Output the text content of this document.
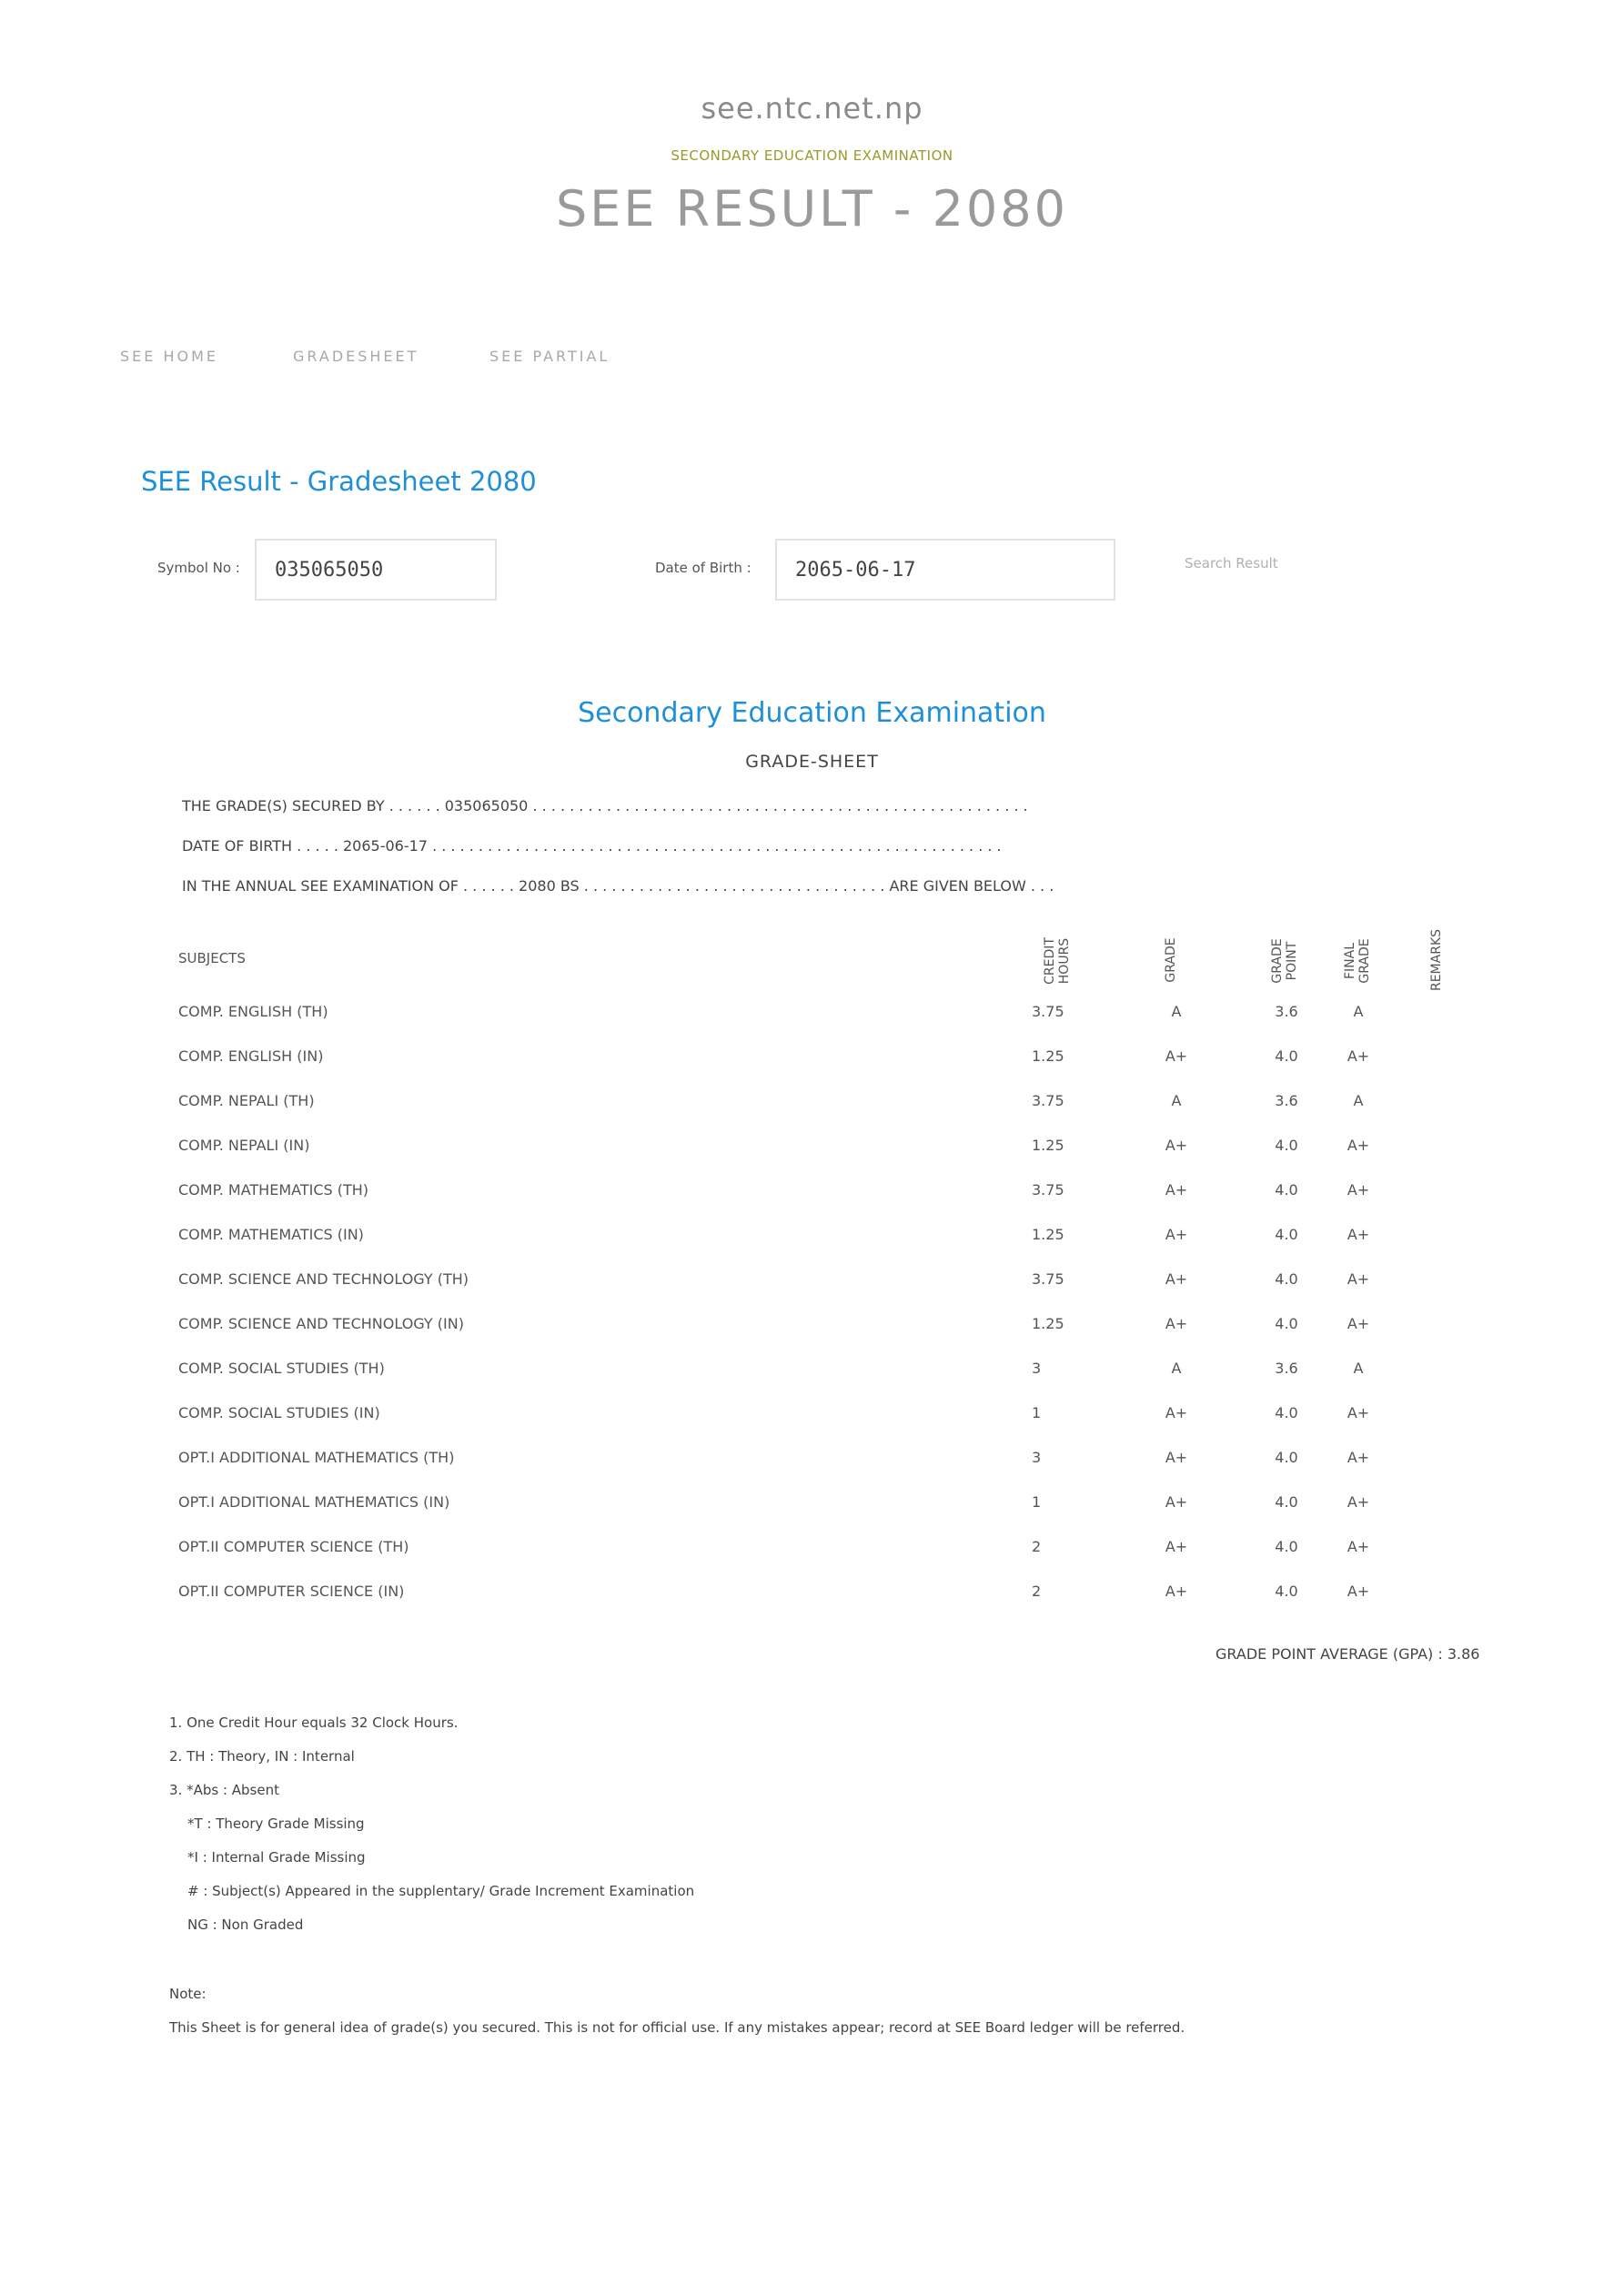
see.ntc.net.np
SECONDARY EDUCATION EXAMINATION
SEE RESULT - 2080
SEE HOME	GRADESHEET	SEE PARTIAL
SEE Result - Gradesheet 2080
Symbol No : 035065050	Date of Birth : 2065-06-17	Search Result
Secondary Education Examination
GRADE-SHEET
THE GRADE(S) SECURED BY . . . . . . 035065050 . . . . . . . . . . . . . . . . . . . . . . . . . . . . . . . . . . . . . . . . . . . . . . . . . . . . . .
DATE OF BIRTH . . . . . 2065-06-17 . . . . . . . . . . . . . . . . . . . . . . . . . . . . . . . . . . . . . . . . . . . . . . . . . . . . . . . . . . . . . .
IN THE ANNUAL SEE EXAMINATION OF . . . . . . 2080 BS . . . . . . . . . . . . . . . . . . . . . . . . . . . . . . . . . ARE GIVEN BELOW . . .
SUBJECTS	CREDIT HOURS	GRADE	GRADE POINT	FINAL GRADE	REMARKS
COMP. ENGLISH (TH)	3.75	A	3.6	A
COMP. ENGLISH (IN)	1.25	A+	4.0	A+
COMP. NEPALI (TH)	3.75	A	3.6	A
COMP. NEPALI (IN)	1.25	A+	4.0	A+
COMP. MATHEMATICS (TH)	3.75	A+	4.0	A+
COMP. MATHEMATICS (IN)	1.25	A+	4.0	A+
COMP. SCIENCE AND TECHNOLOGY (TH)	3.75	A+	4.0	A+
COMP. SCIENCE AND TECHNOLOGY (IN)	1.25	A+	4.0	A+
COMP. SOCIAL STUDIES (TH)	3	A	3.6	A
COMP. SOCIAL STUDIES (IN)	1	A+	4.0	A+
OPT.I ADDITIONAL MATHEMATICS (TH)	3	A+	4.0	A+
OPT.I ADDITIONAL MATHEMATICS (IN)	1	A+	4.0	A+
OPT.II COMPUTER SCIENCE (TH)	2	A+	4.0	A+
OPT.II COMPUTER SCIENCE (IN)	2	A+	4.0	A+
GRADE POINT AVERAGE (GPA) : 3.86
1. One Credit Hour equals 32 Clock Hours.
2. TH : Theory, IN : Internal
3. *Abs : Absent
*T : Theory Grade Missing
*I : Internal Grade Missing
# : Subject(s) Appeared in the supplentary/ Grade Increment Examination
NG : Non Graded
Note:
This Sheet is for general idea of grade(s) you secured. This is not for official use. If any mistakes appear; record at SEE Board ledger will be referred.
